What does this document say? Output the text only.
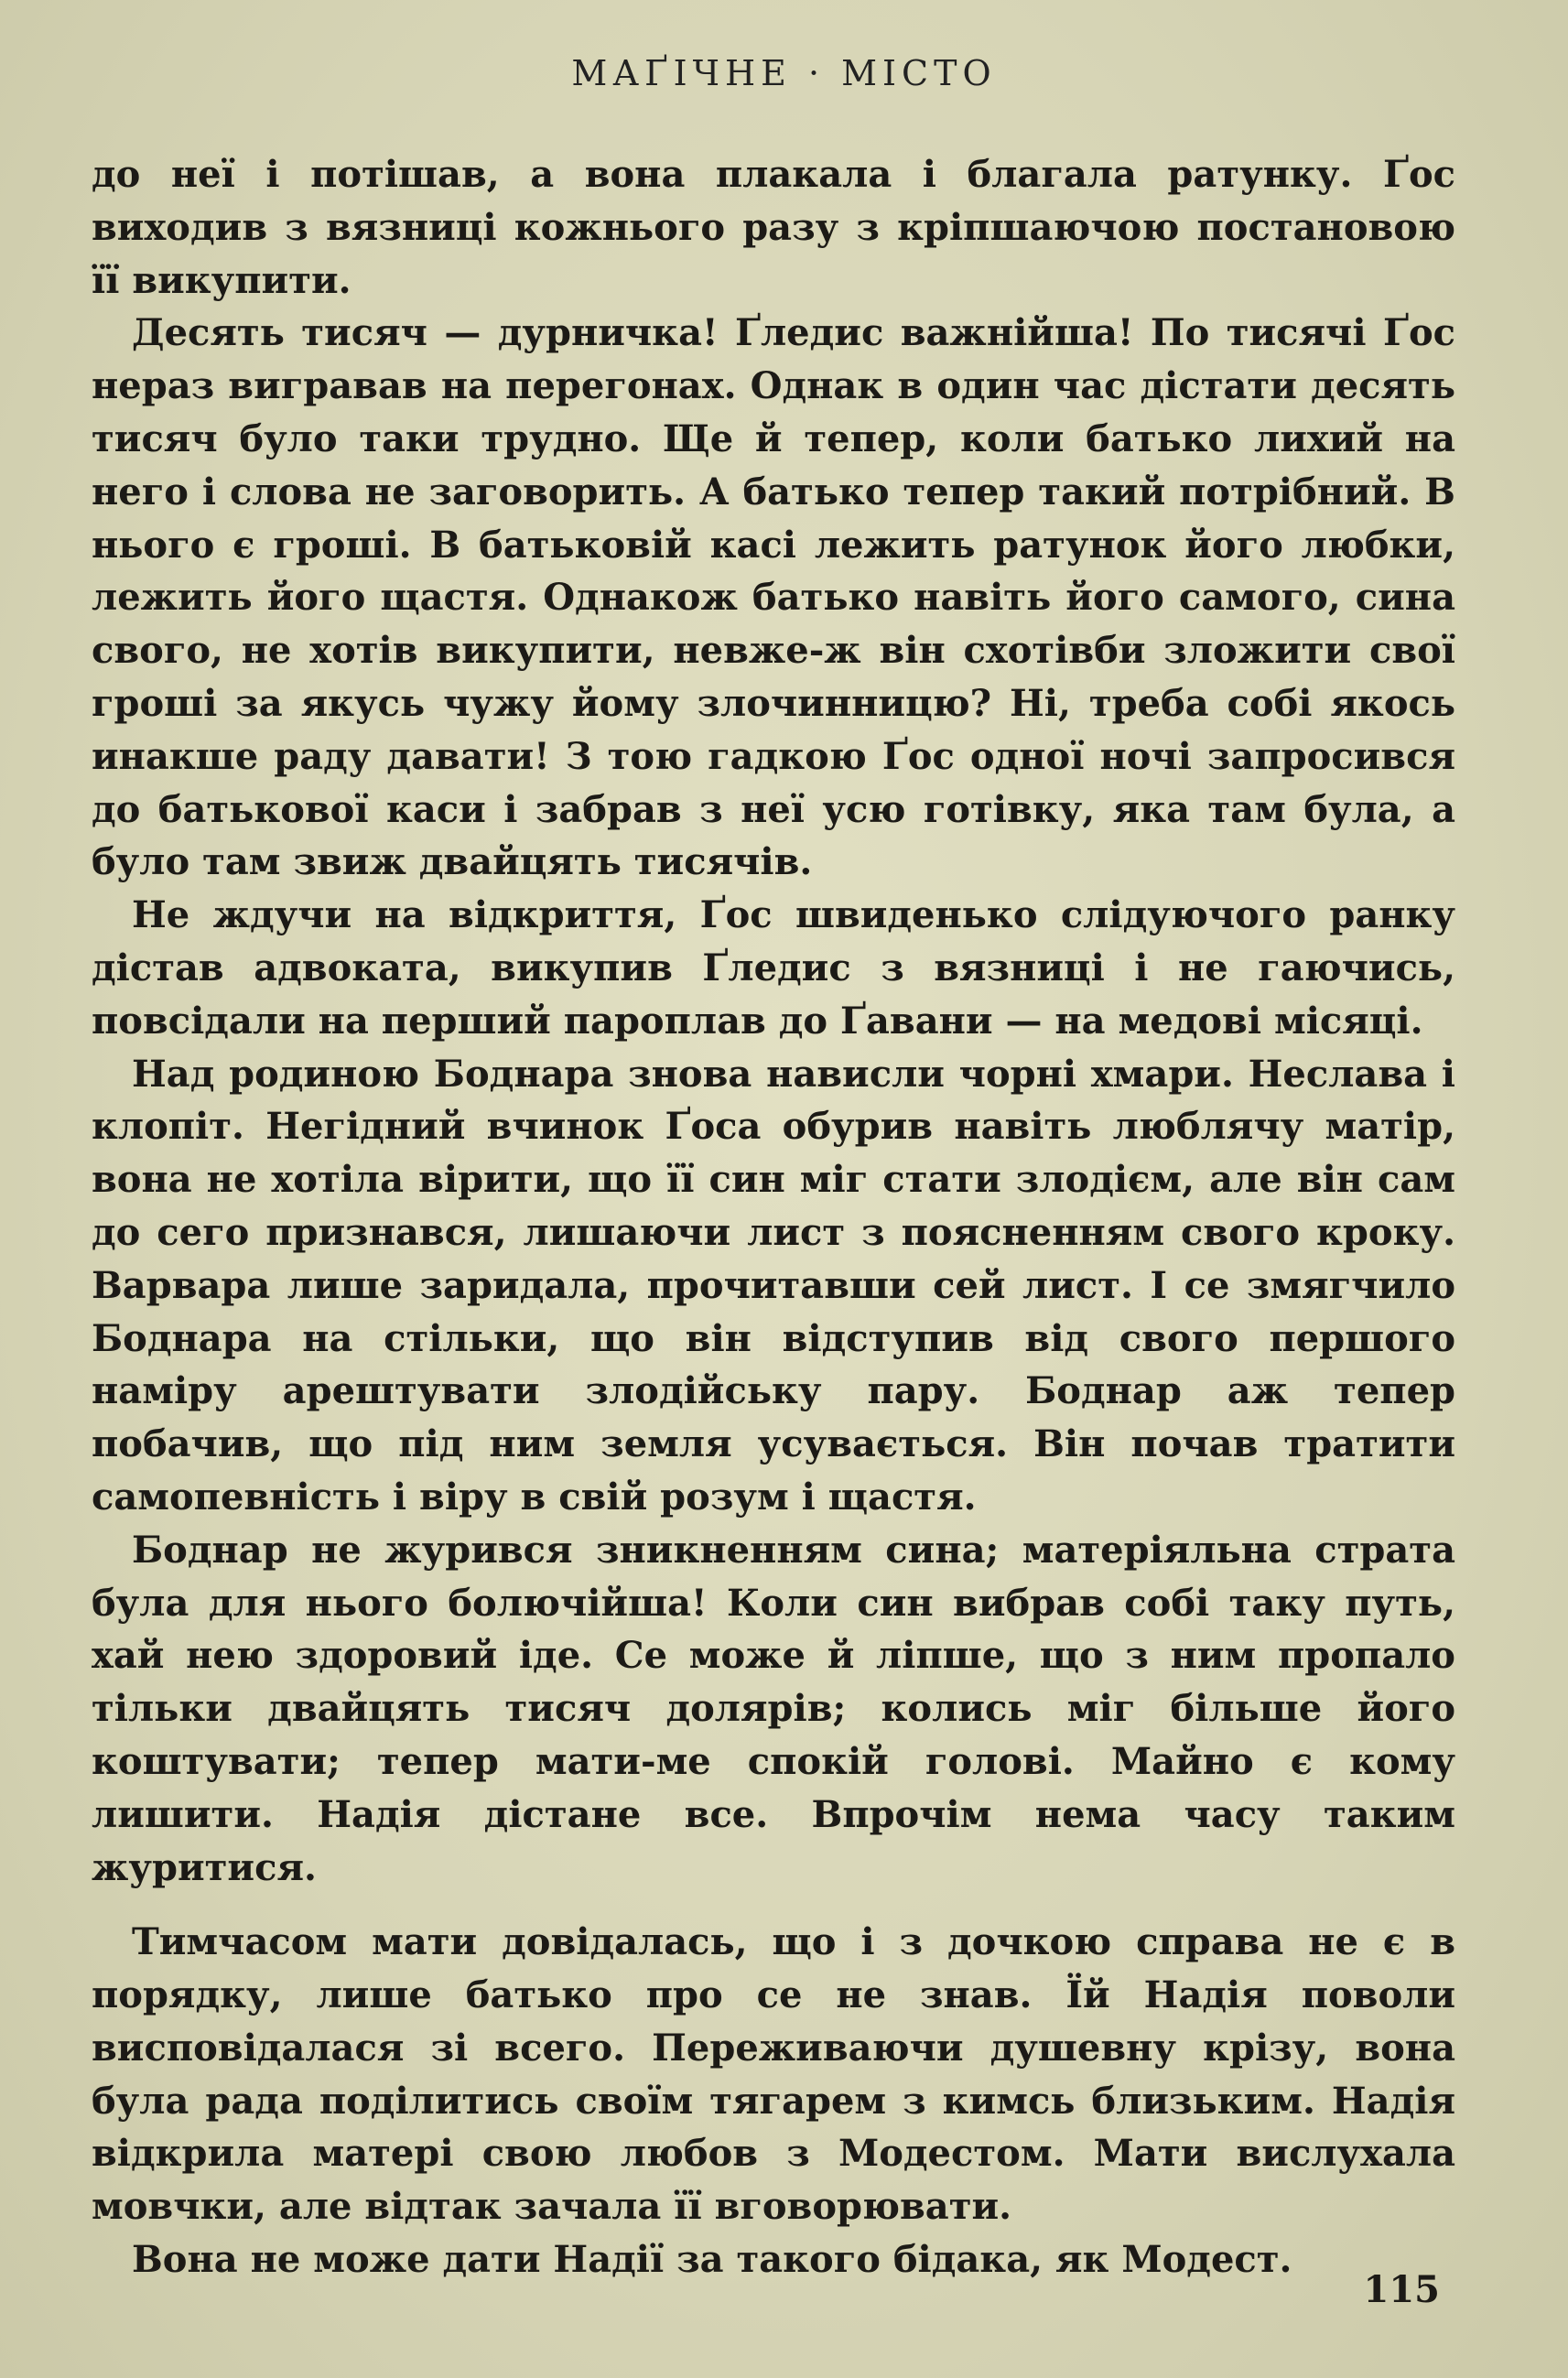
МАҐІЧНЕ · МІСТО

до неї і потішав, а вона плакала і благала ратунку. Ґос виходив з вязниці кожнього разу з кріпшаючою постановою її викупити.

Десять тисяч — дурничка! Ґледис важнійша! По тисячі Ґос нераз вигравав на перегонах. Однак в один час дістати десять тисяч було таки трудно. Ще й тепер, коли батько лихий на него і слова не заговорить. А батько тепер такий потрібний. В нього є гроші. В батьковій касі лежить ратунок його любки, лежить його щастя. Однакож батько навіть його самого, сина свого, не хотів викупити, невже-ж він схотівби зложити свої гроші за якусь чужу йому злочинницю? Ні, треба собі якось инакше раду давати! З тою гадкою Ґос одної ночі запросився до батькової каси і забрав з неї усю готівку, яка там була, а було там звиж двайцять тисячів.

Не ждучи на відкриття, Ґос швиденько слідуючого ранку дістав адвоката, викупив Ґледис з вязниці і не гаючись, повсідали на перший пароплав до Ґавани — на медові місяці.

Над родиною Боднара знова нависли чорні хмари. Неслава і клопіт. Негідний вчинок Ґоса обурив навіть люблячу матір, вона не хотіла вірити, що її син міг стати злодієм, але він сам до сего признався, лишаючи лист з поясненням свого кроку. Варвара лише заридала, прочитавши сей лист. І се змягчило Боднара на стільки, що він відступив від свого першого наміру арештувати злодійську пару. Боднар аж тепер побачив, що під ним земля усувається. Він почав тратити самопевність і віру в свій розум і щастя.

Боднар не журився зникненням сина; матеріяльна страта була для нього болючійша! Коли син вибрав собі таку путь, хай нею здоровий іде. Се може й ліпше, що з ним пропало тільки двайцять тисяч долярів; колись міг більше його коштувати; тепер мати-ме спокій голові. Майно є кому лишити. Надія дістане все. Впрочім нема часу таким журитися.

Тимчасом мати довідалась, що і з дочкою справа не є в порядку, лише батько про се не знав. Їй Надія поволи висповідалася зі всего. Переживаючи душевну крізу, вона була рада поділитись своїм тягарем з кимсь близьким. Надія відкрила матері свою любов з Модестом. Мати вислухала мовчки, але відтак зачала її вговорювати.

Вона не може дати Надії за такого бідака, як Модест.

115
